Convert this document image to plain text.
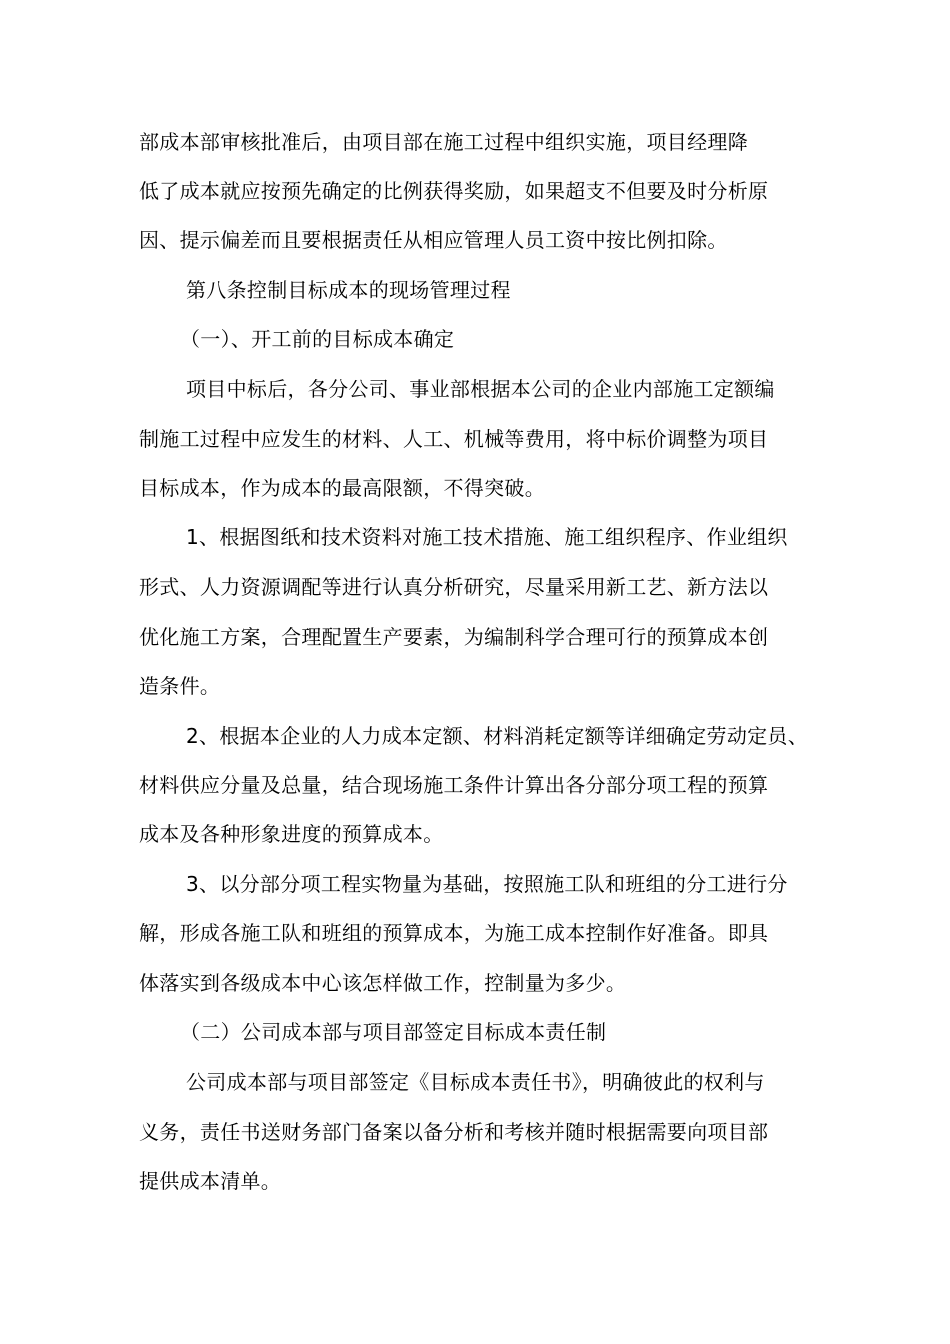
部成本部审核批准后，由项目部在施工过程中组织实施，项目经理降
低了成本就应按预先确定的比例获得奖励，如果超支不但要及时分析原
因、提示偏差而且要根据责任从相应管理人员工资中按比例扣除。
第八条控制目标成本的现场管理过程
（一）、开工前的目标成本确定
项目中标后，各分公司、事业部根据本公司的企业内部施工定额编
制施工过程中应发生的材料、人工、机械等费用，将中标价调整为项目
目标成本，作为成本的最高限额，不得突破。
1、根据图纸和技术资料对施工技术措施、施工组织程序、作业组织
形式、人力资源调配等进行认真分析研究，尽量采用新工艺、新方法以
优化施工方案，合理配置生产要素，为编制科学合理可行的预算成本创
造条件。
2、根据本企业的人力成本定额、材料消耗定额等详细确定劳动定员、
材料供应分量及总量，结合现场施工条件计算出各分部分项工程的预算
成本及各种形象进度的预算成本。
3、以分部分项工程实物量为基础，按照施工队和班组的分工进行分
解，形成各施工队和班组的预算成本，为施工成本控制作好准备。即具
体落实到各级成本中心该怎样做工作，控制量为多少。
（二）公司成本部与项目部签定目标成本责任制
公司成本部与项目部签定《目标成本责任书》，明确彼此的权利与
义务，责任书送财务部门备案以备分析和考核并随时根据需要向项目部
提供成本清单。
